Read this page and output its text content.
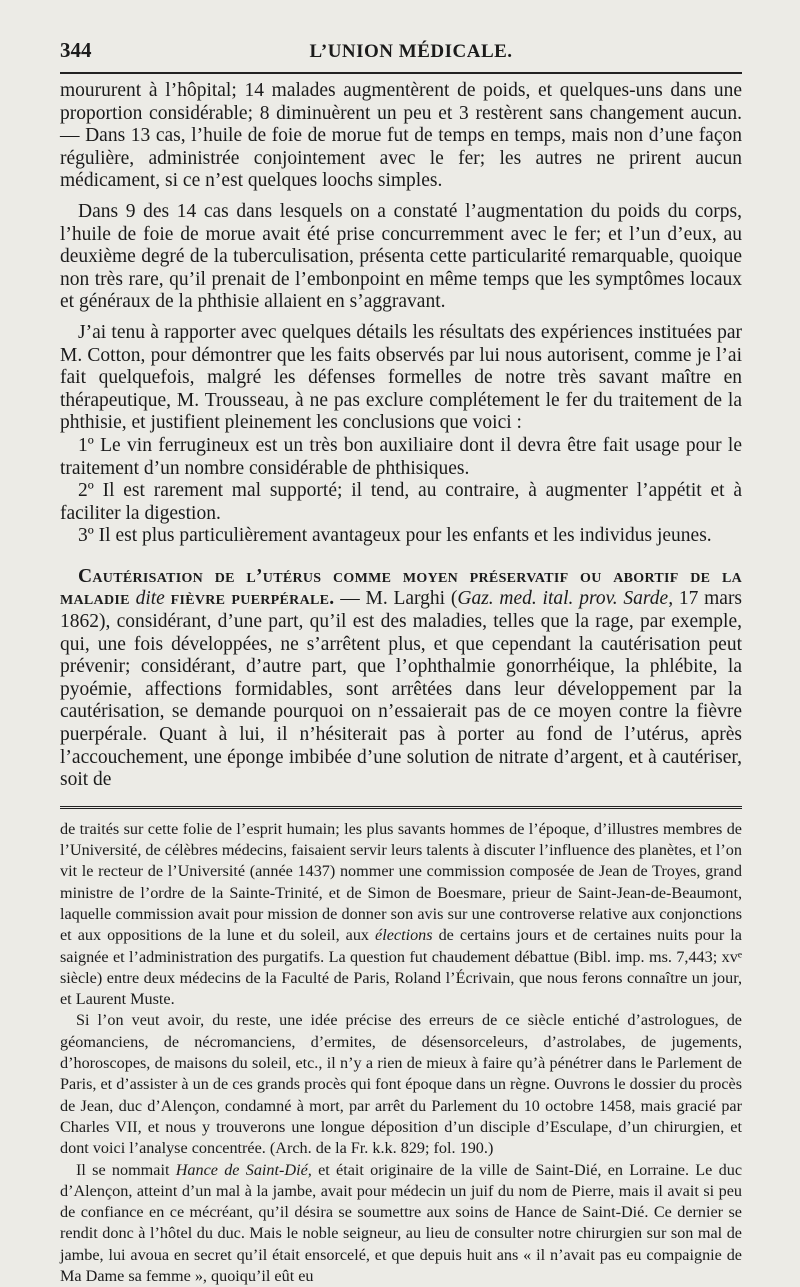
344	L’UNION MÉDICALE.

moururent à l’hôpital; 14 malades augmentèrent de poids, et quelques-uns dans une proportion considérable; 8 diminuèrent un peu et 3 restèrent sans changement aucun. — Dans 13 cas, l’huile de foie de morue fut de temps en temps, mais non d’une façon régulière, administrée conjointement avec le fer; les autres ne prirent aucun médicament, si ce n’est quelques loochs simples.

Dans 9 des 14 cas dans lesquels on a constaté l’augmentation du poids du corps, l’huile de foie de morue avait été prise concurremment avec le fer; et l’un d’eux, au deuxième degré de la tuberculisation, présenta cette particularité remarquable, quoique non très rare, qu’il prenait de l’embonpoint en même temps que les symptômes locaux et généraux de la phthisie allaient en s’aggravant.

J’ai tenu à rapporter avec quelques détails les résultats des expériences instituées par M. Cotton, pour démontrer que les faits observés par lui nous autorisent, comme je l’ai fait quelquefois, malgré les défenses formelles de notre très savant maître en thérapeutique, M. Trousseau, à ne pas exclure complétement le fer du traitement de la phthisie, et justifient pleinement les conclusions que voici :

1º Le vin ferrugineux est un très bon auxiliaire dont il devra être fait usage pour le traitement d’un nombre considérable de phthisiques.

2º Il est rarement mal supporté; il tend, au contraire, à augmenter l’appétit et à faciliter la digestion.

3º Il est plus particulièrement avantageux pour les enfants et les individus jeunes.

Cautérisation de l’utérus comme moyen préservatif ou abortif de la maladie dite fièvre puerpérale. — M. Larghi (Gaz. med. ital. prov. Sarde, 17 mars 1862), considérant, d’une part, qu’il est des maladies, telles que la rage, par exemple, qui, une fois développées, ne s’arrêtent plus, et que cependant la cautérisation peut prévenir; considérant, d’autre part, que l’ophthalmie gonorrhéique, la phlébite, la pyoémie, affections formidables, sont arrêtées dans leur développement par la cautérisation, se demande pourquoi on n’essaierait pas de ce moyen contre la fièvre puerpérale. Quant à lui, il n’hésiterait pas à porter au fond de l’utérus, après l’accouchement, une éponge imbibée d’une solution de nitrate d’argent, et à cautériser, soit de

de traités sur cette folie de l’esprit humain; les plus savants hommes de l’époque, d’illustres membres de l’Université, de célèbres médecins, faisaient servir leurs talents à discuter l’influence des planètes, et l’on vit le recteur de l’Université (année 1437) nommer une commission composée de Jean de Troyes, grand ministre de l’ordre de la Sainte-Trinité, et de Simon de Boesmare, prieur de Saint-Jean-de-Beaumont, laquelle commission avait pour mission de donner son avis sur une controverse relative aux conjonctions et aux oppositions de la lune et du soleil, aux élections de certains jours et de certaines nuits pour la saignée et l’administration des purgatifs. La question fut chaudement débattue (Bibl. imp. ms. 7,443; xvᵉ siècle) entre deux médecins de la Faculté de Paris, Roland l’Écrivain, que nous ferons connaître un jour, et Laurent Muste.

Si l’on veut avoir, du reste, une idée précise des erreurs de ce siècle entiché d’astrologues, de géomanciens, de nécromanciens, d’ermites, de désensorceleurs, d’astrolabes, de jugements, d’horoscopes, de maisons du soleil, etc., il n’y a rien de mieux à faire qu’à pénétrer dans le Parlement de Paris, et d’assister à un de ces grands procès qui font époque dans un règne. Ouvrons le dossier du procès de Jean, duc d’Alençon, condamné à mort, par arrêt du Parlement du 10 octobre 1458, mais gracié par Charles VII, et nous y trouverons une longue déposition d’un disciple d’Esculape, d’un chirurgien, et dont voici l’analyse concentrée. (Arch. de la Fr. k.k. 829; fol. 190.)

Il se nommait Hance de Saint-Dié, et était originaire de la ville de Saint-Dié, en Lorraine. Le duc d’Alençon, atteint d’un mal à la jambe, avait pour médecin un juif du nom de Pierre, mais il avait si peu de confiance en ce mécréant, qu’il désira se soumettre aux soins de Hance de Saint-Dié. Ce dernier se rendit donc à l’hôtel du duc. Mais le noble seigneur, au lieu de consulter notre chirurgien sur son mal de jambe, lui avoua en secret qu’il était ensorcelé, et que depuis huit ans « il n’avait pas eu compaignie de Ma Dame sa femme », quoiqu’il eût eu
